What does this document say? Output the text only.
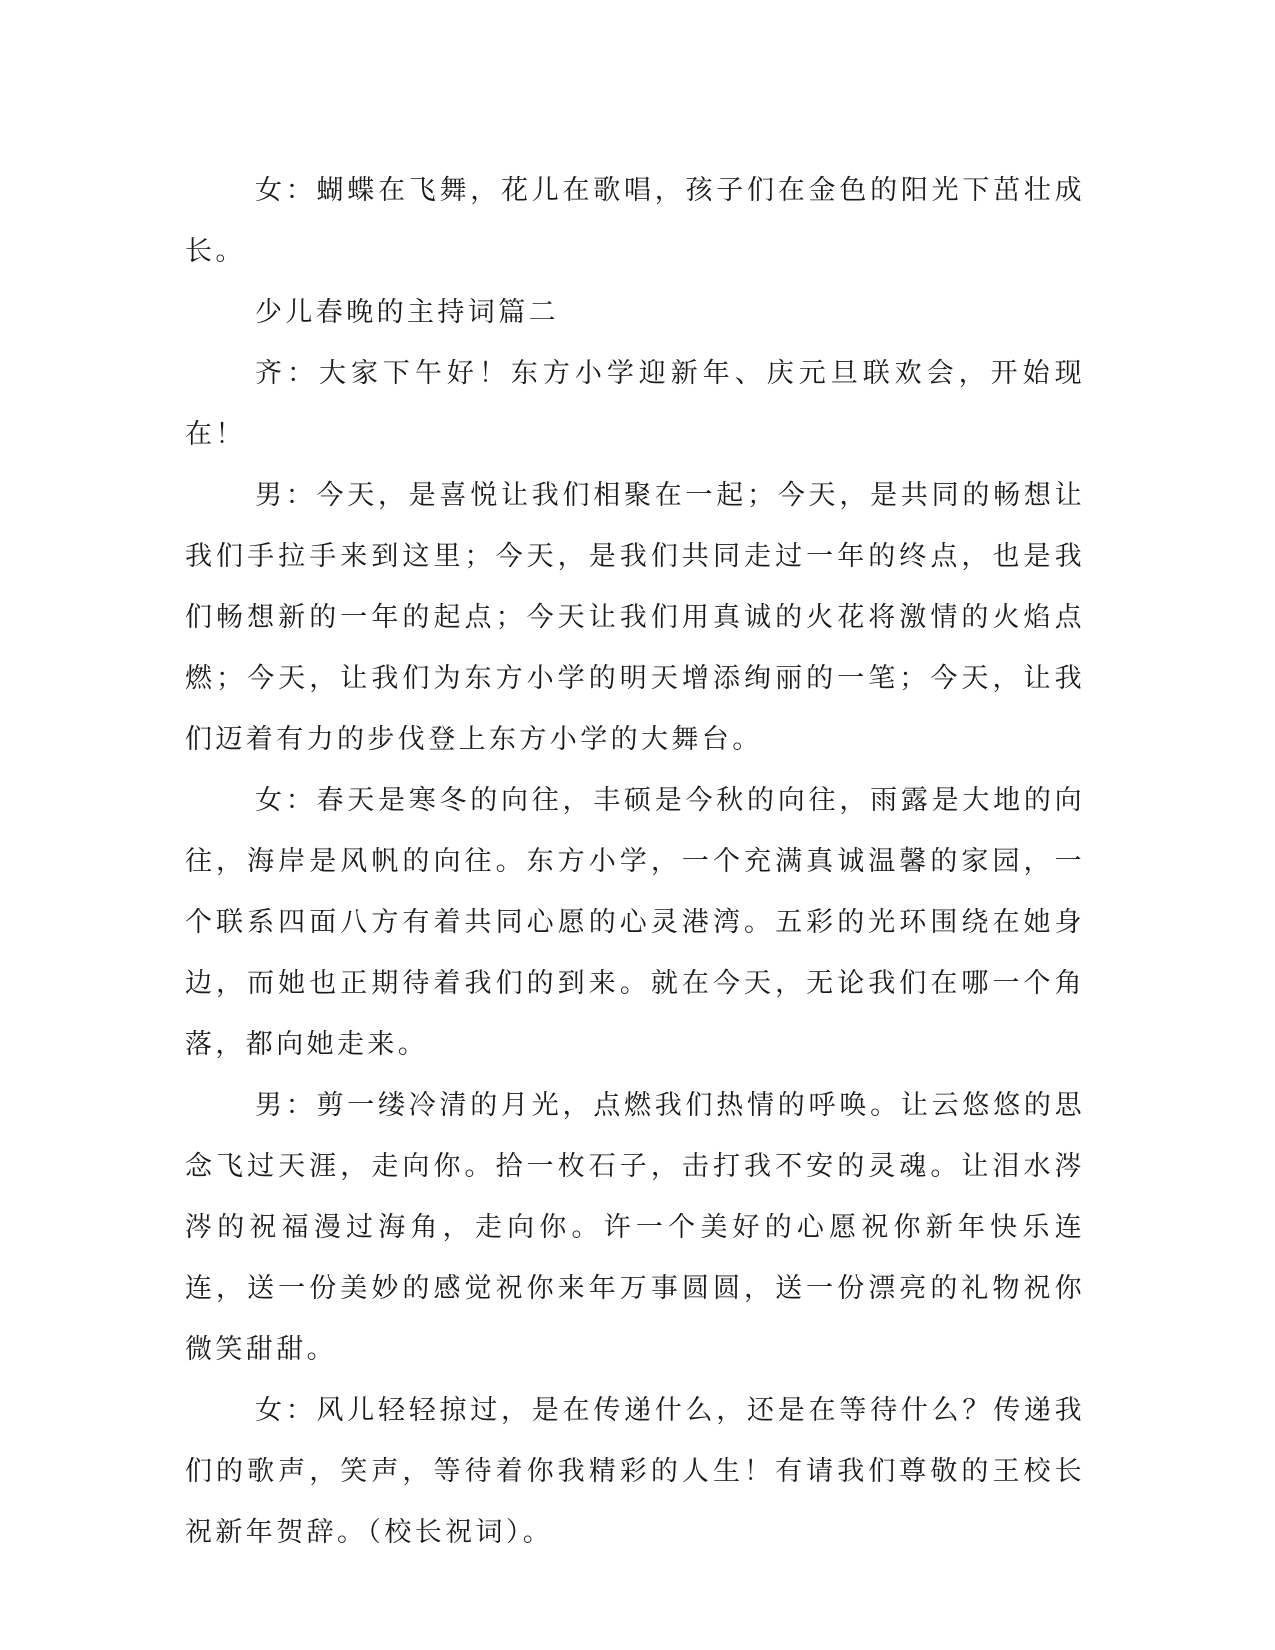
女：蝴蝶在飞舞，花儿在歌唱，孩子们在金色的阳光下茁壮成长。

少儿春晚的主持词篇二

齐：大家下午好！东方小学迎新年、庆元旦联欢会，开始现在！

男：今天，是喜悦让我们相聚在一起；今天，是共同的畅想让我们手拉手来到这里；今天，是我们共同走过一年的终点，也是我们畅想新的一年的起点；今天让我们用真诚的火花将激情的火焰点燃；今天，让我们为东方小学的明天增添绚丽的一笔；今天，让我们迈着有力的步伐登上东方小学的大舞台。

女：春天是寒冬的向往，丰硕是今秋的向往，雨露是大地的向往，海岸是风帆的向往。东方小学，一个充满真诚温馨的家园，一个联系四面八方有着共同心愿的心灵港湾。五彩的光环围绕在她身边，而她也正期待着我们的到来。就在今天，无论我们在哪一个角落，都向她走来。

男：剪一缕冷清的月光，点燃我们热情的呼唤。让云悠悠的思念飞过天涯，走向你。拾一枚石子，击打我不安的灵魂。让泪水涔涔的祝福漫过海角，走向你。许一个美好的心愿祝你新年快乐连连，送一份美妙的感觉祝你来年万事圆圆，送一份漂亮的礼物祝你微笑甜甜。

女：风儿轻轻掠过，是在传递什么，还是在等待什么？传递我们的歌声，笑声，等待着你我精彩的人生！有请我们尊敬的王校长祝新年贺辞。（校长祝词）。
